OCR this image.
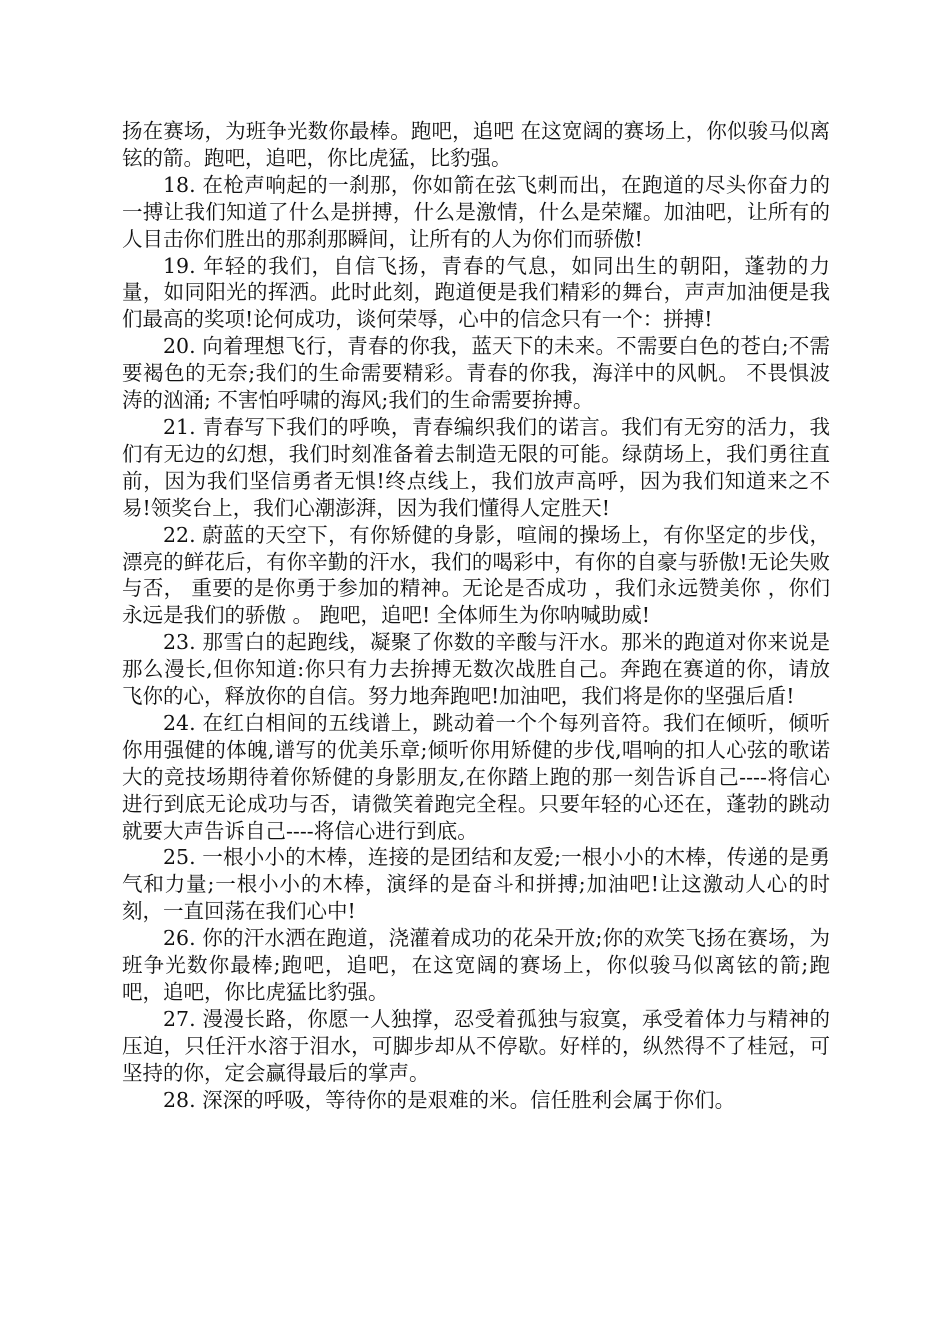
扬在赛场，为班争光数你最棒。跑吧，追吧 在这宽阔的赛场上，你似骏马似离铉的箭。跑吧，追吧，你比虎猛，比豹强。

18. 在枪声响起的一刹那，你如箭在弦飞刺而出，在跑道的尽头你奋力的一搏让我们知道了什么是拼搏，什么是激情，什么是荣耀。加油吧，让所有的人目击你们胜出的那刹那瞬间，让所有的人为你们而骄傲!

19. 年轻的我们，自信飞扬，青春的气息，如同出生的朝阳，蓬勃的力量，如同阳光的挥洒。此时此刻，跑道便是我们精彩的舞台，声声加油便是我们最高的奖项!论何成功，谈何荣辱，心中的信念只有一个：拼搏!

20. 向着理想飞行，青春的你我，蓝天下的未来。不需要白色的苍白;不需要褐色的无奈;我们的生命需要精彩。青春的你我，海洋中的风帆。 不畏惧波涛的汹涌; 不害怕呼啸的海风;我们的生命需要拚搏。

21. 青春写下我们的呼唤，青春编织我们的诺言。我们有无穷的活力，我们有无边的幻想，我们时刻准备着去制造无限的可能。绿荫场上，我们勇往直前，因为我们坚信勇者无惧!终点线上，我们放声高呼，因为我们知道来之不易!领奖台上，我们心潮澎湃，因为我们懂得人定胜天!

22. 蔚蓝的天空下，有你矫健的身影，喧闹的操场上，有你坚定的步伐，漂亮的鲜花后，有你辛勤的汗水，我们的喝彩中，有你的自豪与骄傲!无论失败与否， 重要的是你勇于参加的精神。无论是否成功 ，我们永远赞美你 ，你们永远是我们的骄傲 。 跑吧，追吧! 全体师生为你呐喊助威!

23. 那雪白的起跑线，凝聚了你数的辛酸与汗水。那米的跑道对你来说是那么漫长,但你知道:你只有力去拚搏无数次战胜自己。奔跑在赛道的你，请放飞你的心，释放你的自信。努力地奔跑吧!加油吧，我们将是你的坚强后盾!

24. 在红白相间的五线谱上，跳动着一个个每列音符。我们在倾听，倾听你用强健的体魄,谱写的优美乐章;倾听你用矫健的步伐,唱响的扣人心弦的歌诺大的竞技场期待着你矫健的身影朋友,在你踏上跑的那一刻告诉自己----将信心进行到底无论成功与否，请微笑着跑完全程。只要年轻的心还在，蓬勃的跳动就要大声告诉自己----将信心进行到底。

25. 一根小小的木棒，连接的是团结和友爱;一根小小的木棒，传递的是勇气和力量;一根小小的木棒，演绎的是奋斗和拼搏;加油吧!让这激动人心的时刻，一直回荡在我们心中!

26. 你的汗水洒在跑道，浇灌着成功的花朵开放;你的欢笑飞扬在赛场，为班争光数你最棒;跑吧，追吧，在这宽阔的赛场上，你似骏马似离铉的箭;跑吧，追吧，你比虎猛比豹强。

27. 漫漫长路，你愿一人独撑，忍受着孤独与寂寞，承受着体力与精神的压迫，只任汗水溶于泪水，可脚步却从不停歇。好样的，纵然得不了桂冠，可坚持的你，定会赢得最后的掌声。

28. 深深的呼吸，等待你的是艰难的米。信任胜利会属于你们。
